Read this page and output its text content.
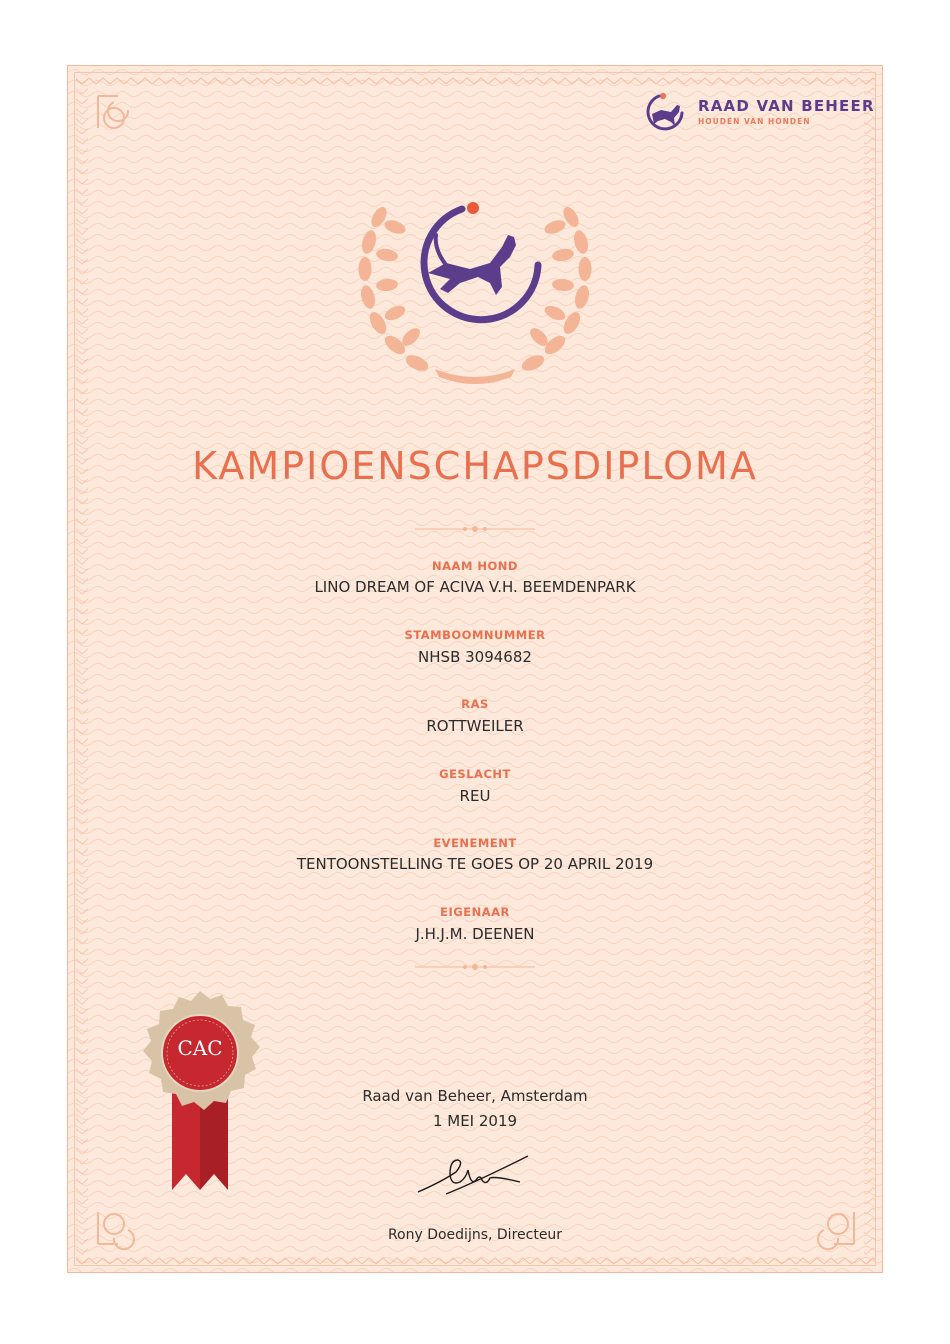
RAAD VAN BEHEER
HOUDEN VAN HONDEN
KAMPIOENSCHAPSDIPLOMA
NAAM HOND
LINO DREAM OF ACIVA V.H. BEEMDENPARK
STAMBOOMNUMMER
NHSB 3094682
RAS
ROTTWEILER
GESLACHT
REU
EVENEMENT
TENTOONSTELLING TE GOES OP 20 APRIL 2019
EIGENAAR
J.H.J.M. DEENEN
CAC
Raad van Beheer, Amsterdam
1 MEI 2019
Rony Doedijns, Directeur
